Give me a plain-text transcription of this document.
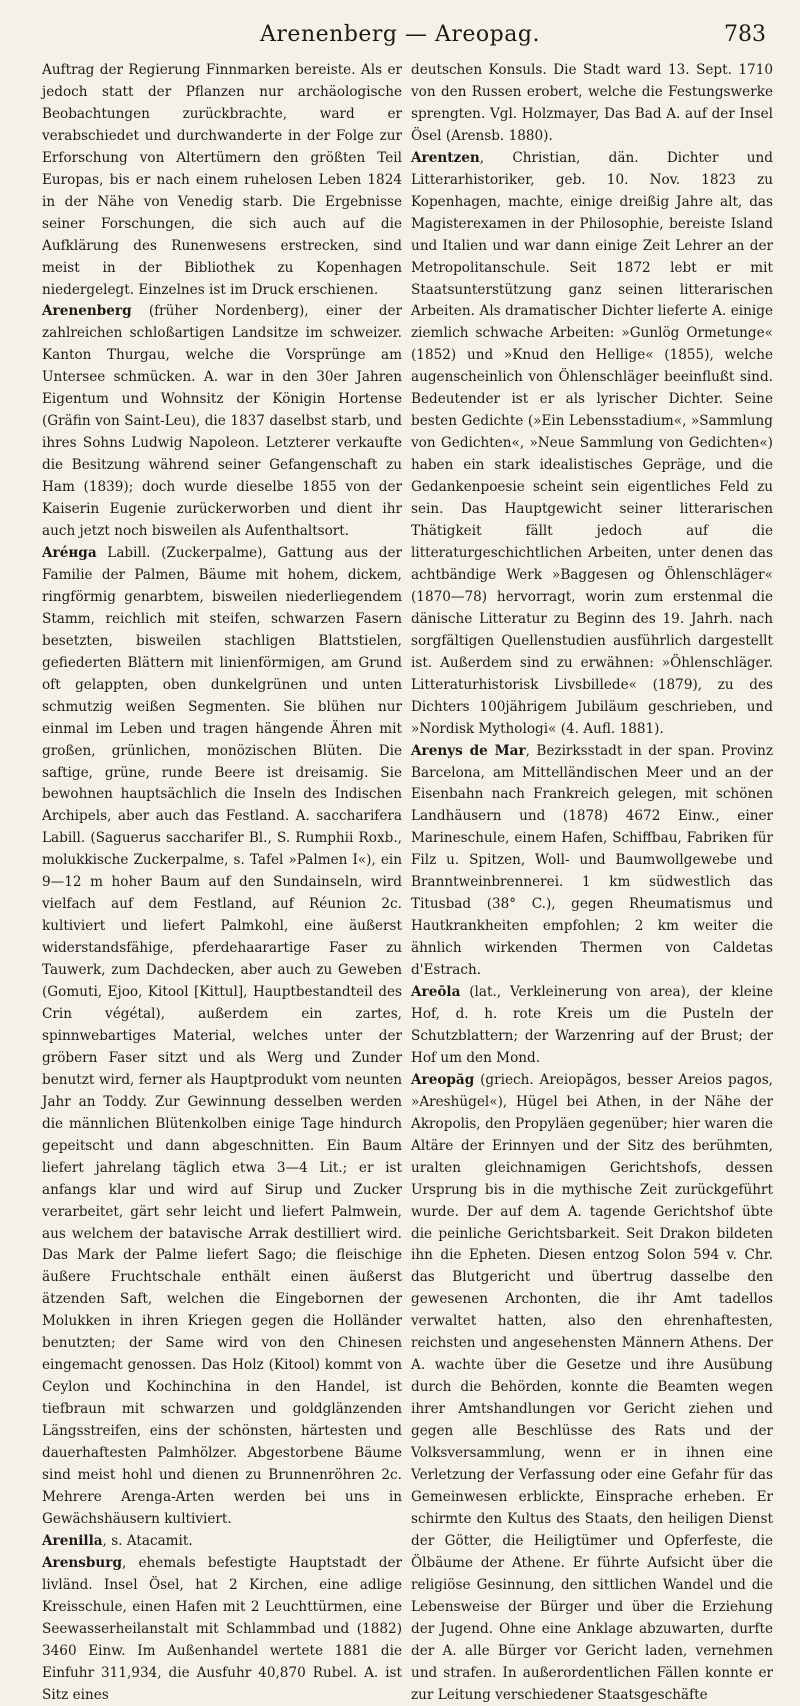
Arenenberg — Areopag.	783

Auftrag der Regierung Finnmarken bereiste. Als er jedoch statt der Pflanzen nur archäologische Beobachtungen zurückbrachte, ward er verabschiedet und durchwanderte in der Folge zur Erforschung von Altertümern den größten Teil Europas, bis er nach einem ruhelosen Leben 1824 in der Nähe von Venedig starb. Die Ergebnisse seiner Forschungen, die sich auch auf die Aufklärung des Runenwesens erstrecken, sind meist in der Bibliothek zu Kopenhagen niedergelegt. Einzelnes ist im Druck erschienen.

Arenenberg (früher Nordenberg), einer der zahlreichen schloßartigen Landsitze im schweizer. Kanton Thurgau, welche die Vorsprünge am Untersee schmücken. A. war in den 30er Jahren Eigentum und Wohnsitz der Königin Hortense (Gräfin von Saint-Leu), die 1837 daselbst starb, und ihres Sohns Ludwig Napoleon. Letzterer verkaufte die Besitzung während seiner Gefangenschaft zu Ham (1839); doch wurde dieselbe 1855 von der Kaiserin Eugenie zurückerworben und dient ihr auch jetzt noch bisweilen als Aufenthaltsort.

Aréнga Labill. (Zuckerpalme), Gattung aus der Familie der Palmen, Bäume mit hohem, dickem, ringförmig genarbtem, bisweilen niederliegendem Stamm, reichlich mit steifen, schwarzen Fasern besetzten, bisweilen stachligen Blattstielen, gefiederten Blättern mit linienförmigen, am Grund oft gelappten, oben dunkelgrünen und unten schmutzig weißen Segmenten. Sie blühen nur einmal im Leben und tragen hängende Ähren mit großen, grünlichen, monözischen Blüten. Die saftige, grüne, runde Beere ist dreisamig. Sie bewohnen hauptsächlich die Inseln des Indischen Archipels, aber auch das Festland. A. saccharifera Labill. (Saguerus saccharifer Bl., S. Rumphii Roxb., molukkische Zuckerpalme, s. Tafel »Palmen I«), ein 9—12 m hoher Baum auf den Sundainseln, wird vielfach auf dem Festland, auf Réunion 2c. kultiviert und liefert Palmkohl, eine äußerst widerstandsfähige, pferdehaarartige Faser zu Tauwerk, zum Dachdecken, aber auch zu Geweben (Gomuti, Ejoo, Kitool [Kittul], Hauptbestandteil des Crin végétal), außerdem ein zartes, spinnwebartiges Material, welches unter der gröbern Faser sitzt und als Werg und Zunder benutzt wird, ferner als Hauptprodukt vom neunten Jahr an Toddy. Zur Gewinnung desselben werden die männlichen Blütenkolben einige Tage hindurch gepeitscht und dann abgeschnitten. Ein Baum liefert jahrelang täglich etwa 3—4 Lit.; er ist anfangs klar und wird auf Sirup und Zucker verarbeitet, gärt sehr leicht und liefert Palmwein, aus welchem der batavische Arrak destilliert wird. Das Mark der Palme liefert Sago; die fleischige äußere Fruchtschale enthält einen äußerst ätzenden Saft, welchen die Eingebornen der Molukken in ihren Kriegen gegen die Holländer benutzten; der Same wird von den Chinesen eingemacht genossen. Das Holz (Kitool) kommt von Ceylon und Kochinchina in den Handel, ist tiefbraun mit schwarzen und goldglänzenden Längsstreifen, eins der schönsten, härtesten und dauerhaftesten Palmhölzer. Abgestorbene Bäume sind meist hohl und dienen zu Brunnenröhren 2c. Mehrere Arenga-Arten werden bei uns in Gewächshäusern kultiviert.

Arenilla, s. Atacamit.

Arensburg, ehemals befestigte Hauptstadt der livländ. Insel Ösel, hat 2 Kirchen, eine adlige Kreisschule, einen Hafen mit 2 Leuchttürmen, eine Seewasserheilanstalt mit Schlammbad und (1882) 3460 Einw. Im Außenhandel wertete 1881 die Einfuhr 311,934, die Ausfuhr 40,870 Rubel. A. ist Sitz eines

deutschen Konsuls. Die Stadt ward 13. Sept. 1710 von den Russen erobert, welche die Festungswerke sprengten. Vgl. Holzmayer, Das Bad A. auf der Insel Ösel (Arensb. 1880).

Arentzen, Christian, dän. Dichter und Litterarhistoriker, geb. 10. Nov. 1823 zu Kopenhagen, machte, einige dreißig Jahre alt, das Magisterexamen in der Philosophie, bereiste Island und Italien und war dann einige Zeit Lehrer an der Metropolitanschule. Seit 1872 lebt er mit Staatsunterstützung ganz seinen litterarischen Arbeiten. Als dramatischer Dichter lieferte A. einige ziemlich schwache Arbeiten: »Gunlög Ormetunge« (1852) und »Knud den Hellige« (1855), welche augenscheinlich von Öhlenschläger beeinflußt sind. Bedeutender ist er als lyrischer Dichter. Seine besten Gedichte (»Ein Lebensstadium«, »Sammlung von Gedichten«, »Neue Sammlung von Gedichten«) haben ein stark idealistisches Gepräge, und die Gedankenpoesie scheint sein eigentliches Feld zu sein. Das Hauptgewicht seiner litterarischen Thätigkeit fällt jedoch auf die litteraturgeschichtlichen Arbeiten, unter denen das achtbändige Werk »Baggesen og Öhlenschläger« (1870—78) hervorragt, worin zum erstenmal die dänische Litteratur zu Beginn des 19. Jahrh. nach sorgfältigen Quellenstudien ausführlich dargestellt ist. Außerdem sind zu erwähnen: »Öhlenschläger. Litteraturhistorisk Livsbillede« (1879), zu des Dichters 100jährigem Jubiläum geschrieben, und »Nordisk Mythologi« (4. Aufl. 1881).

Arenys de Mar, Bezirksstadt in der span. Provinz Barcelona, am Mittelländischen Meer und an der Eisenbahn nach Frankreich gelegen, mit schönen Landhäusern und (1878) 4672 Einw., einer Marineschule, einem Hafen, Schiffbau, Fabriken für Filz u. Spitzen, Woll- und Baumwollgewebe und Branntweinbrennerei. 1 km südwestlich das Titusbad (38° C.), gegen Rheumatismus und Hautkrankheiten empfohlen; 2 km weiter die ähnlich wirkenden Thermen von Caldetas d'Estrach.

Areōla (lat., Verkleinerung von area), der kleine Hof, d. h. rote Kreis um die Pusteln der Schutzblattern; der Warzenring auf der Brust; der Hof um den Mond.

Areopăg (griech. Areiopăgos, besser Areios pagos, »Areshügel«), Hügel bei Athen, in der Nähe der Akropolis, den Propyläen gegenüber; hier waren die Altäre der Erinnyen und der Sitz des berühmten, uralten gleichnamigen Gerichtshofs, dessen Ursprung bis in die mythische Zeit zurückgeführt wurde. Der auf dem A. tagende Gerichtshof übte die peinliche Gerichtsbarkeit. Seit Drakon bildeten ihn die Epheten. Diesen entzog Solon 594 v. Chr. das Blutgericht und übertrug dasselbe den gewesenen Archonten, die ihr Amt tadellos verwaltet hatten, also den ehrenhaftesten, reichsten und angesehensten Männern Athens. Der A. wachte über die Gesetze und ihre Ausübung durch die Behörden, konnte die Beamten wegen ihrer Amtshandlungen vor Gericht ziehen und gegen alle Beschlüsse des Rats und der Volksversammlung, wenn er in ihnen eine Verletzung der Verfassung oder eine Gefahr für das Gemeinwesen erblickte, Einsprache erheben. Er schirmte den Kultus des Staats, den heiligen Dienst der Götter, die Heiligtümer und Opferfeste, die Ölbäume der Athene. Er führte Aufsicht über die religiöse Gesinnung, den sittlichen Wandel und die Lebensweise der Bürger und über die Erziehung der Jugend. Ohne eine Anklage abzuwarten, durfte der A. alle Bürger vor Gericht laden, vernehmen und strafen. In außerordentlichen Fällen konnte er zur Leitung verschiedener Staatsgeschäfte
